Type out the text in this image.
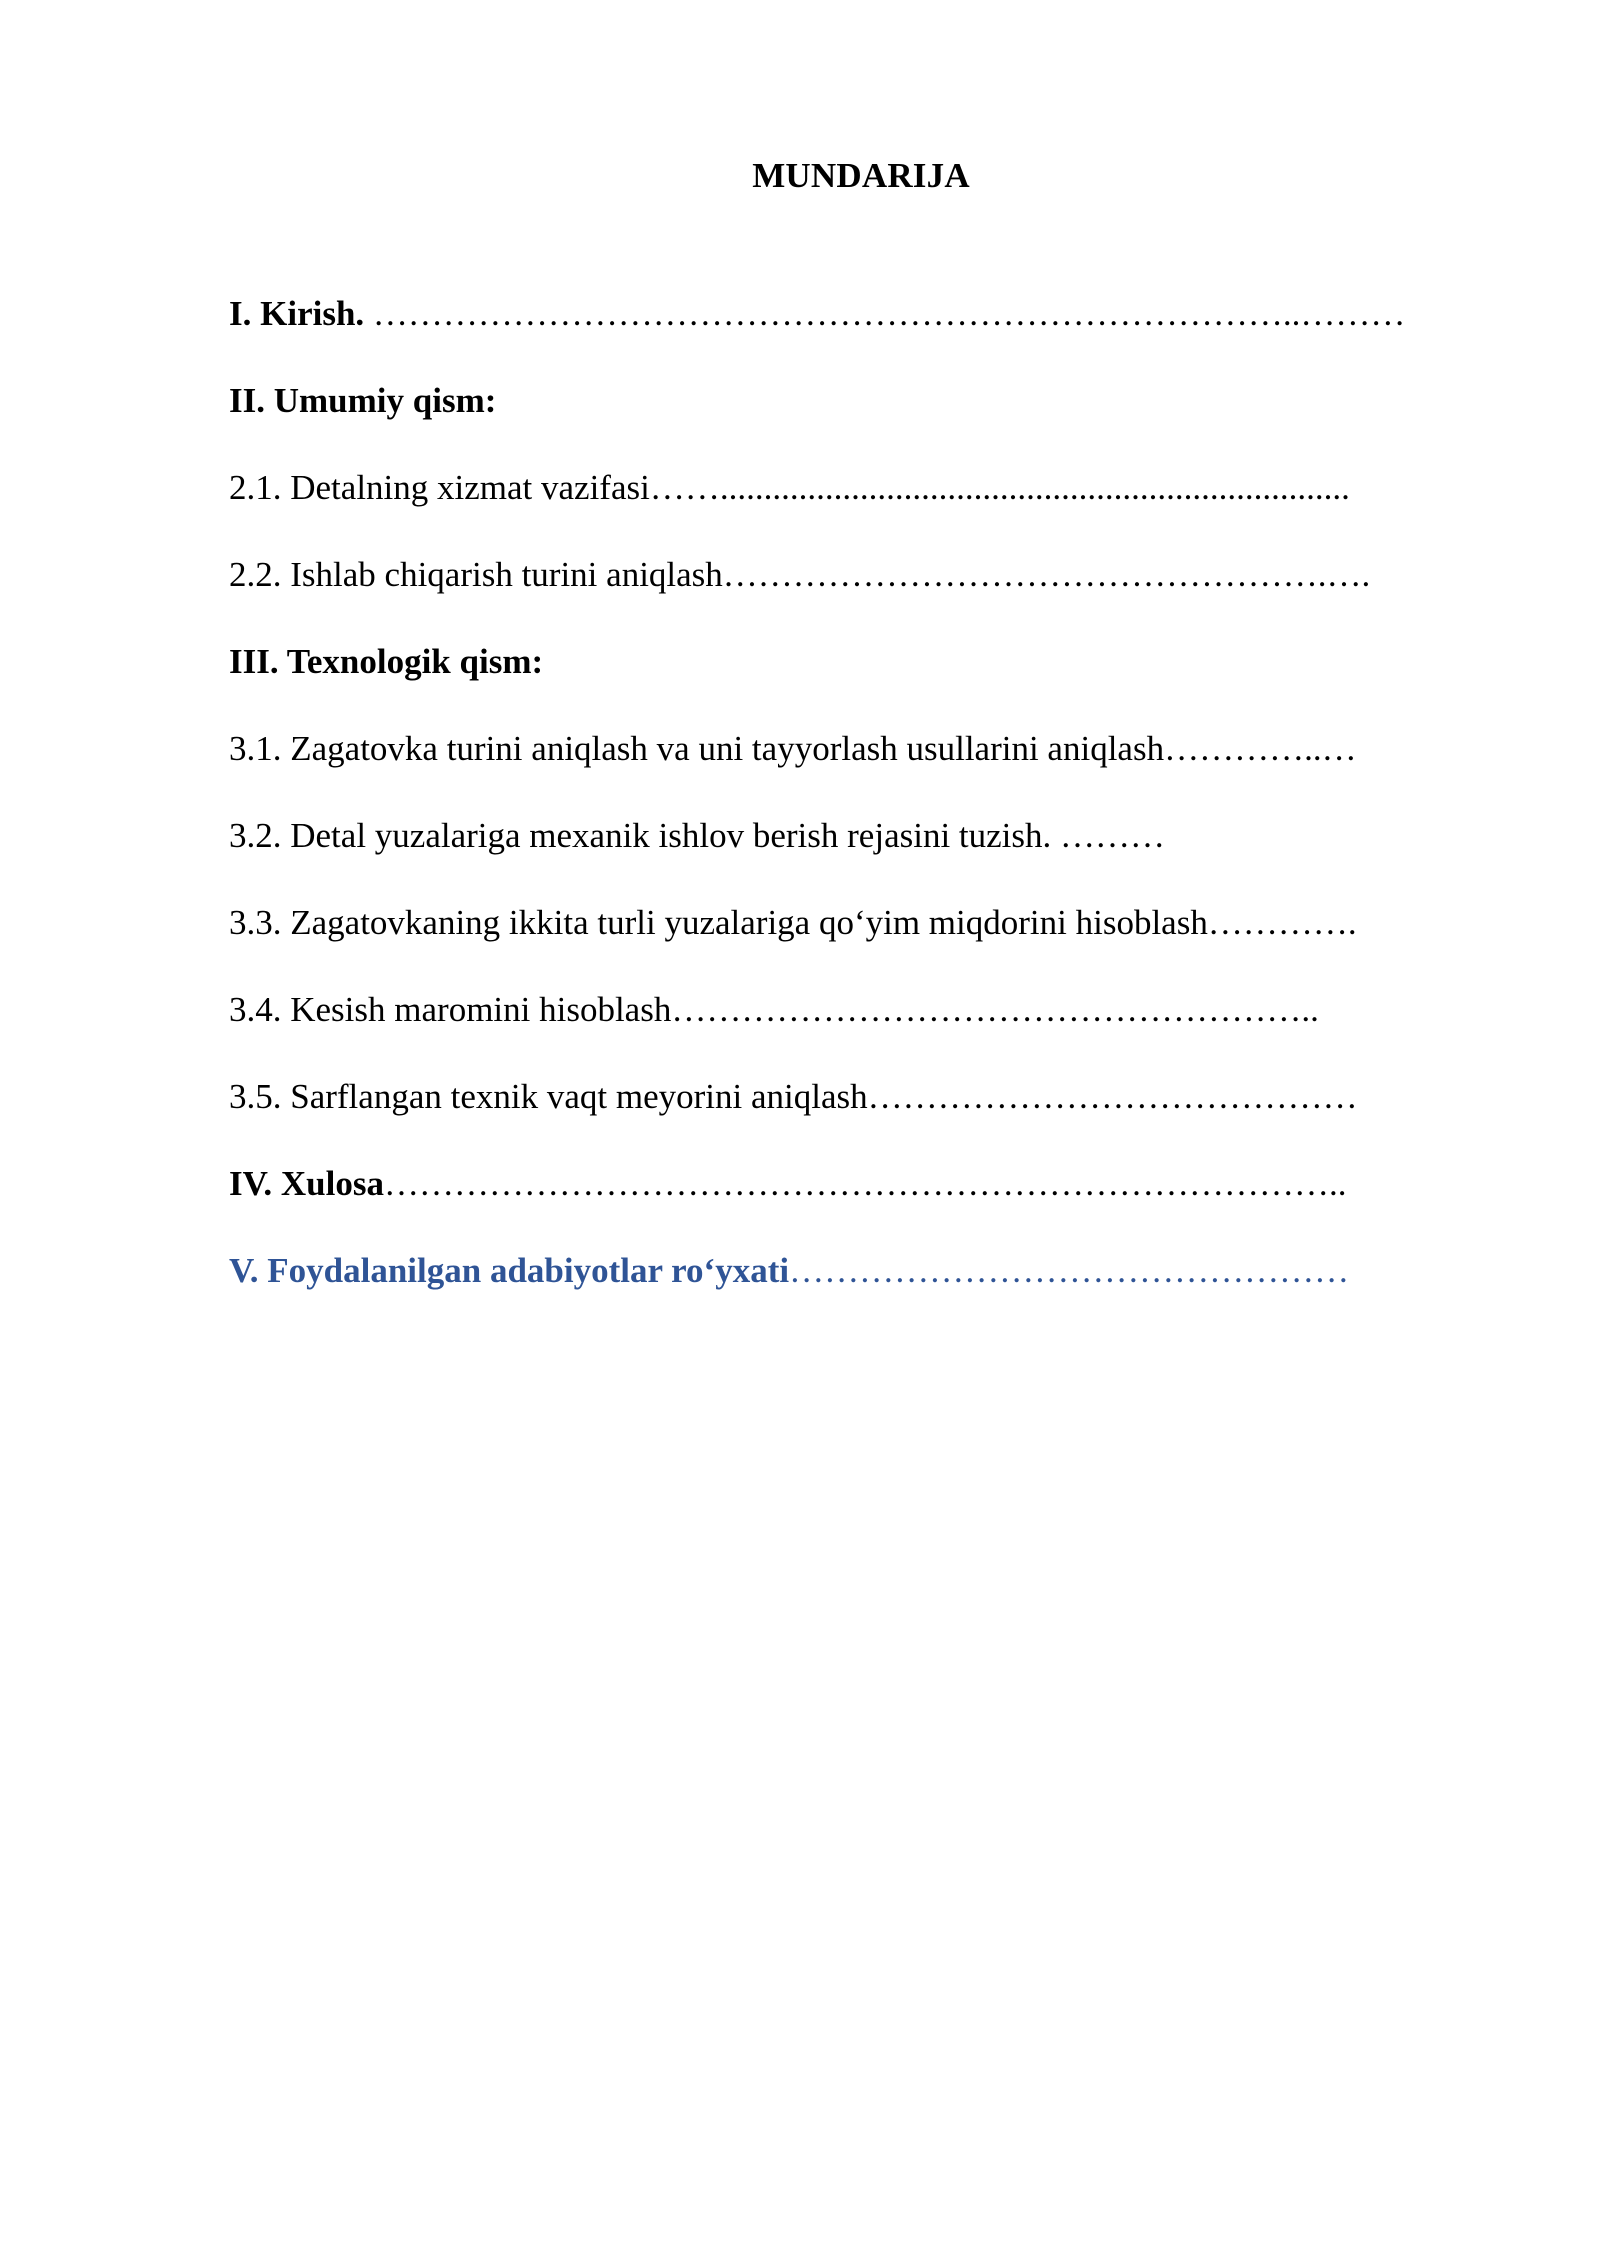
MUNDARIJA
I. Kirish. ……………………………………………………………………..………
II. Umumiy qism:
2.1. Detalning xizmat vazifasi……........................................................................
2.2. Ishlab chiqarish turini aniqlash…………………………………………….….
III. Texnologik qism:
3.1. Zagatovka turini aniqlash va uni tayyorlash usullarini aniqlash…………..…
3.2. Detal yuzalariga mexanik ishlov berish rejasini tuzish. ………
3.3. Zagatovkaning ikkita turli yuzalariga qo‘yim miqdorini hisoblash………….
3.4. Kesish maromini hisoblash………………………………………………..
3.5. Sarflangan texnik vaqt meyorini aniqlash……………………………………
IV. Xulosa………………………………………………………………………..
V. Foydalanilgan adabiyotlar ro‘yxati…………………………………………
